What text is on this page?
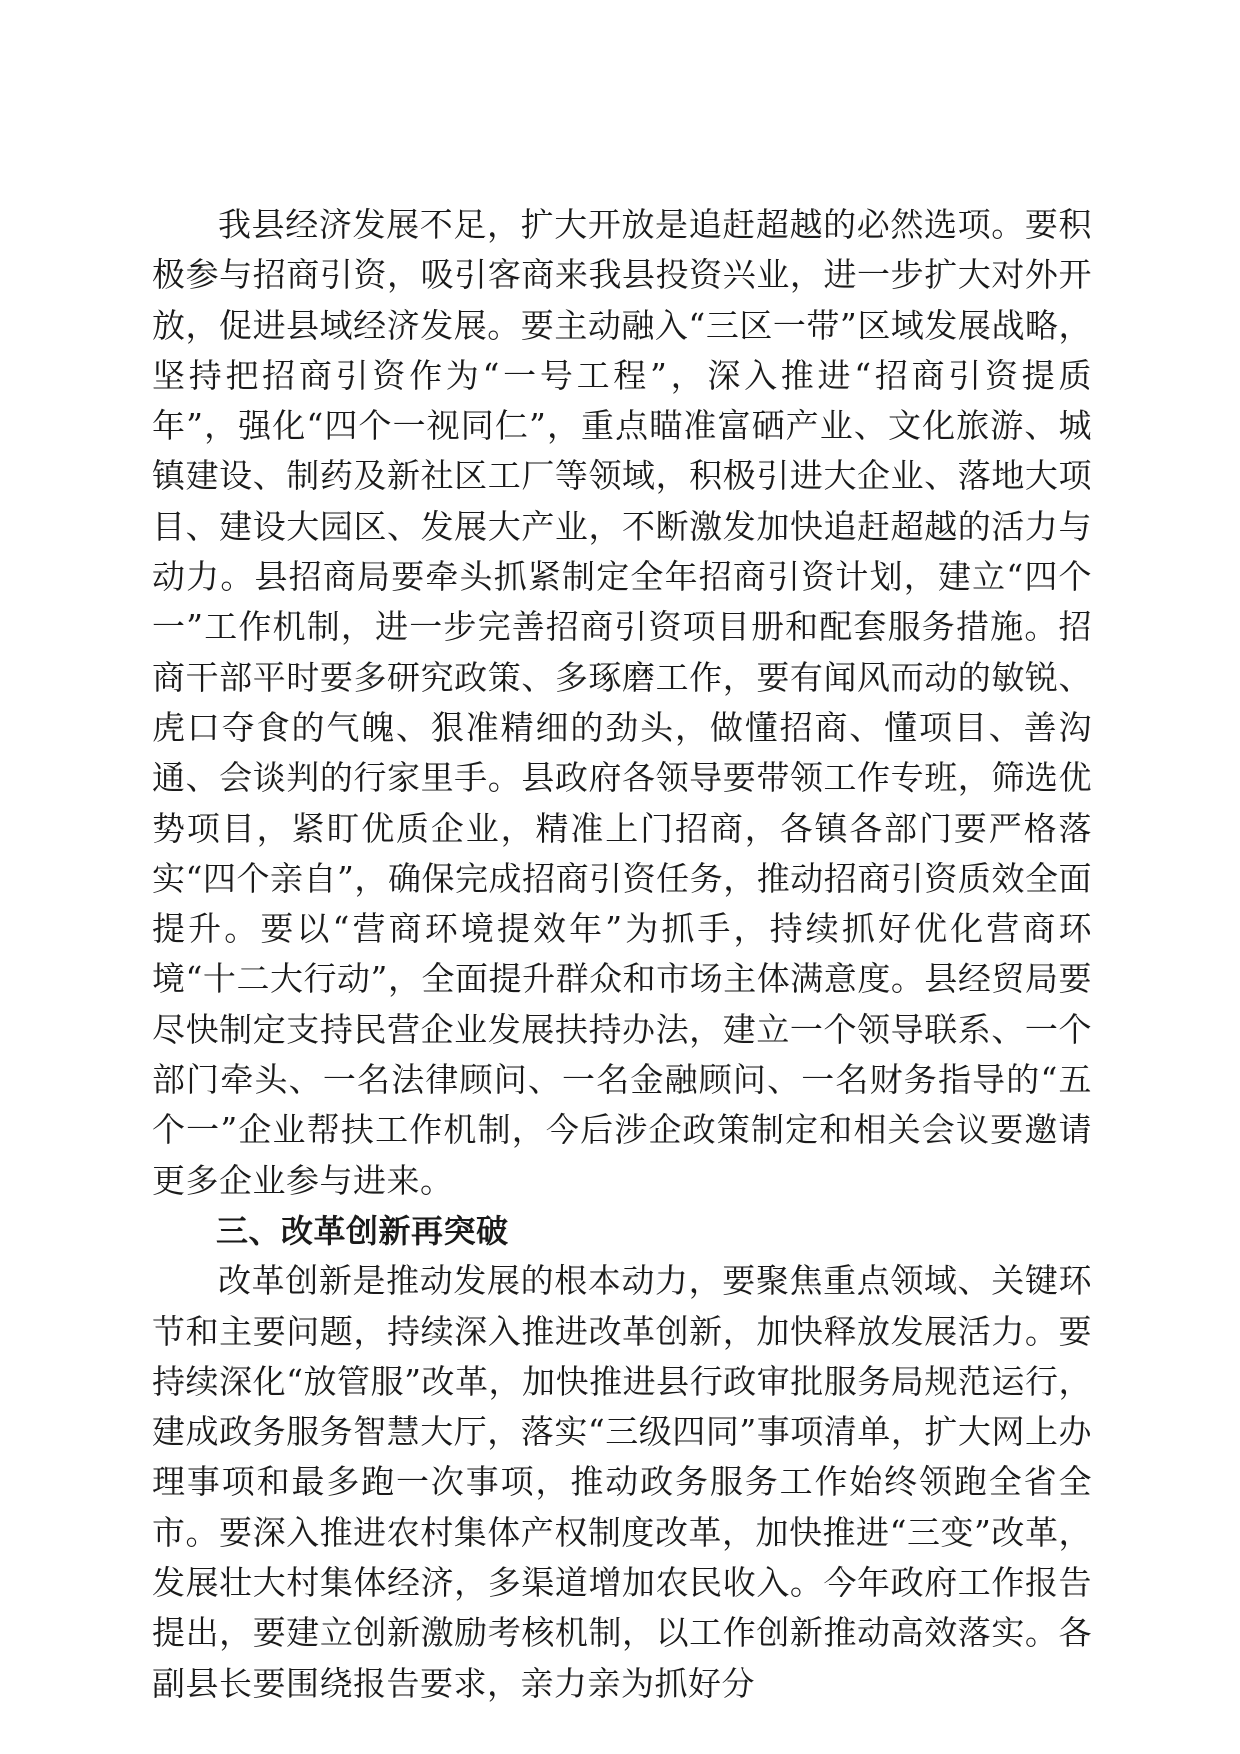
我县经济发展不足，扩大开放是追赶超越的必然选项。要积极参与招商引资，吸引客商来我县投资兴业，进一步扩大对外开放，促进县域经济发展。要主动融入“三区一带”区域发展战略，坚持把招商引资作为“一号工程”，深入推进“招商引资提质年”，强化“四个一视同仁”，重点瞄准富硒产业、文化旅游、城镇建设、制药及新社区工厂等领域，积极引进大企业、落地大项目、建设大园区、发展大产业，不断激发加快追赶超越的活力与动力。县招商局要牵头抓紧制定全年招商引资计划，建立“四个一”工作机制，进一步完善招商引资项目册和配套服务措施。招商干部平时要多研究政策、多琢磨工作，要有闻风而动的敏锐、虎口夺食的气魄、狠准精细的劲头，做懂招商、懂项目、善沟通、会谈判的行家里手。县政府各领导要带领工作专班，筛选优势项目，紧盯优质企业，精准上门招商，各镇各部门要严格落实“四个亲自”，确保完成招商引资任务，推动招商引资质效全面提升。要以“营商环境提效年”为抓手，持续抓好优化营商环境“十二大行动”，全面提升群众和市场主体满意度。县经贸局要尽快制定支持民营企业发展扶持办法，建立一个领导联系、一个部门牵头、一名法律顾问、一名金融顾问、一名财务指导的“五个一”企业帮扶工作机制，今后涉企政策制定和相关会议要邀请更多企业参与进来。

三、改革创新再突破

改革创新是推动发展的根本动力，要聚焦重点领域、关键环节和主要问题，持续深入推进改革创新，加快释放发展活力。要持续深化“放管服”改革，加快推进县行政审批服务局规范运行，建成政务服务智慧大厅，落实“三级四同”事项清单，扩大网上办理事项和最多跑一次事项，推动政务服务工作始终领跑全省全市。要深入推进农村集体产权制度改革，加快推进“三变”改革，发展壮大村集体经济，多渠道增加农民收入。今年政府工作报告提出，要建立创新激励考核机制，以工作创新推动高效落实。各副县长要围绕报告要求，亲力亲为抓好分
